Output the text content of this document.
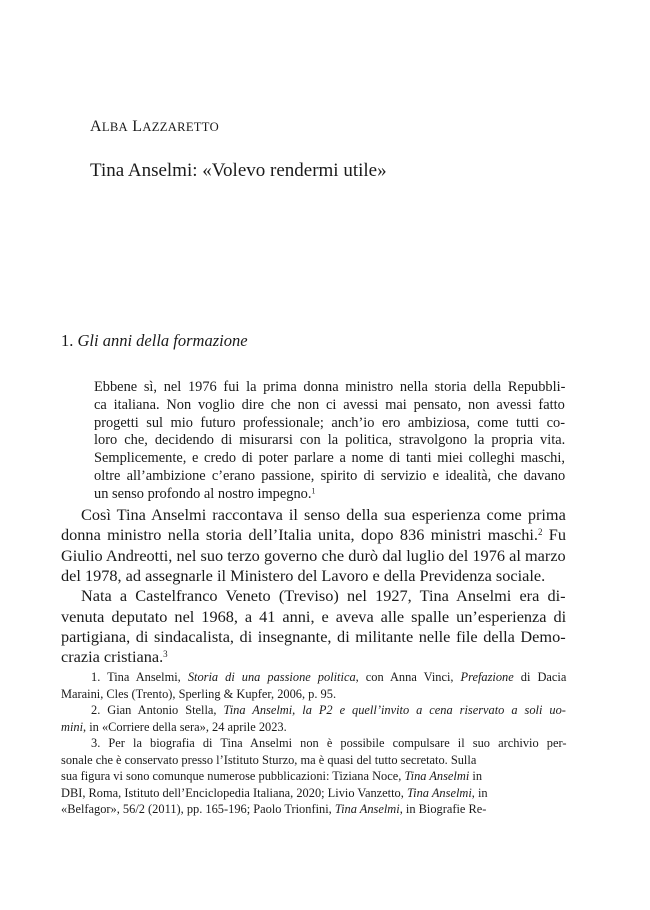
ALBA LAZZARETTO
Tina Anselmi: «Volevo rendermi utile»
1. Gli anni della formazione
Ebbene sì, nel 1976 fui la prima donna ministro nella storia della Repubbli-
ca italiana. Non voglio dire che non ci avessi mai pensato, non avessi fatto
progetti sul mio futuro professionale; anch’io ero ambiziosa, come tutti co-
loro che, decidendo di misurarsi con la politica, stravolgono la propria vita.
Semplicemente, e credo di poter parlare a nome di tanti miei colleghi maschi,
oltre all’ambizione c’erano passione, spirito di servizio e idealità, che davano
un senso profondo al nostro impegno.$^1$
Così Tina Anselmi raccontava il senso della sua esperienza come prima
donna ministro nella storia dell’Italia unita, dopo 836 ministri maschi.$^2$ Fu
Giulio Andreotti, nel suo terzo governo che durò dal luglio del 1976 al marzo
del 1978, ad assegnarle il Ministero del Lavoro e della Previdenza sociale.
Nata a Castelfranco Veneto (Treviso) nel 1927, Tina Anselmi era di-
venuta deputato nel 1968, a 41 anni, e aveva alle spalle un’esperienza di
partigiana, di sindacalista, di insegnante, di militante nelle file della Demo-
crazia cristiana.$^3$
1. Tina Anselmi, Storia di una passione politica, con Anna Vinci, Prefazione di Dacia
Maraini, Cles (Trento), Sperling & Kupfer, 2006, p. 95.
2. Gian Antonio Stella, Tina Anselmi, la P2 e quell’invito a cena riservato a soli uo-
mini, in «Corriere della sera», 24 aprile 2023.
3. Per la biografia di Tina Anselmi non è possibile compulsare il suo archivio per-
sonale che è conservato presso l’Istituto Sturzo, ma è quasi del tutto secretato. Sulla
sua figura vi sono comunque numerose pubblicazioni: Tiziana Noce, Tina Anselmi in
DBI, Roma, Istituto dell’Enciclopedia Italiana, 2020; Livio Vanzetto, Tina Anselmi, in
«Belfagor», 56/2 (2011), pp. 165-196; Paolo Trionfini, Tina Anselmi, in Biografie Re-
